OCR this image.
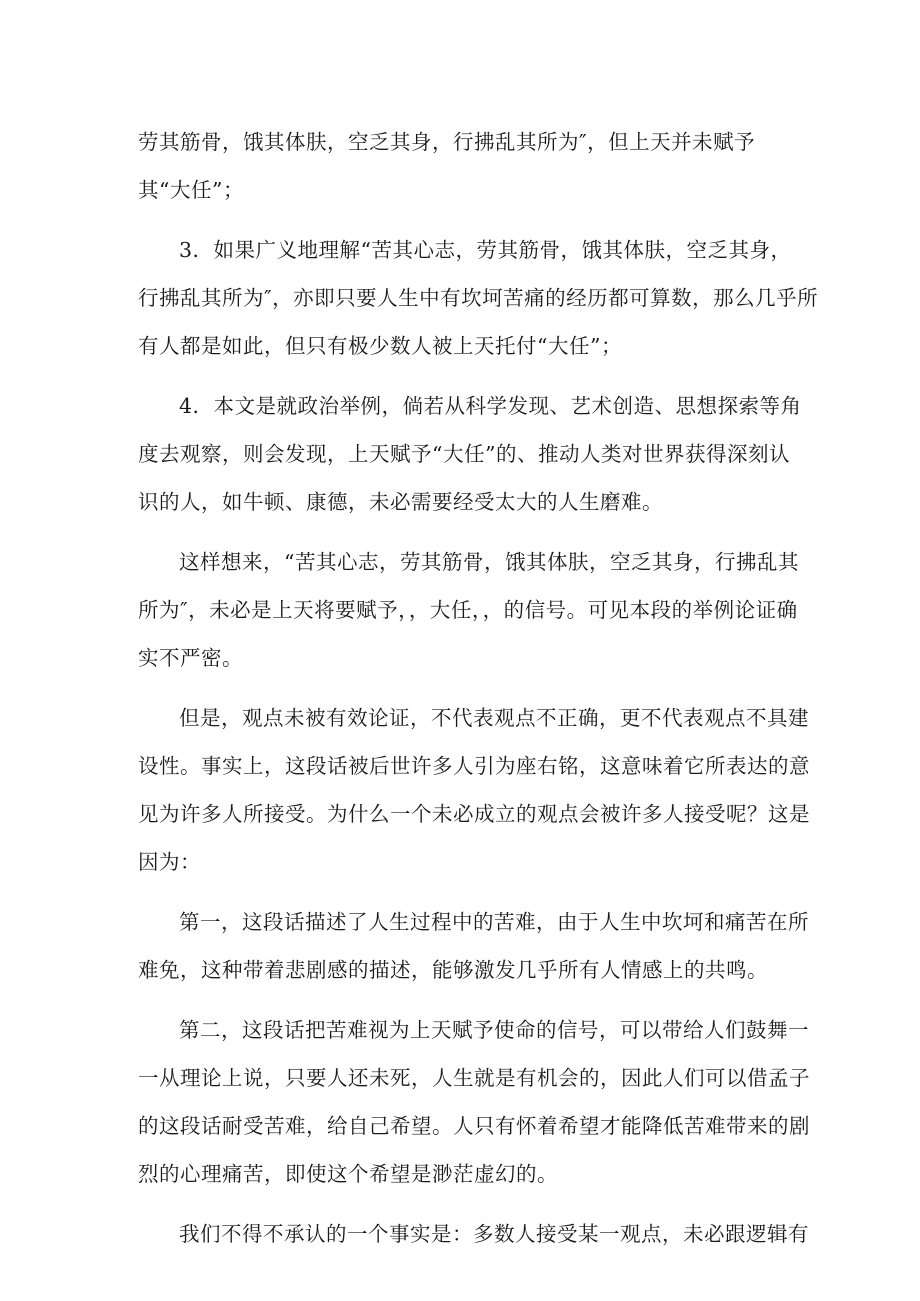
劳其筋骨，饿其体肤，空乏其身，行拂乱其所为″，但上天并未赋予
其“大任”；

3．如果广义地理解“苦其心志，劳其筋骨，饿其体肤，空乏其身，
行拂乱其所为″，亦即只要人生中有坎坷苦痛的经历都可算数，那么几乎所
有人都是如此，但只有极少数人被上天托付“大任”；

4．本文是就政治举例，倘若从科学发现、艺术创造、思想探索等角
度去观察，则会发现，上天赋予“大任”的、推动人类对世界获得深刻认
识的人，如牛顿、康德，未必需要经受太大的人生磨难。

这样想来，“苦其心志，劳其筋骨，饿其体肤，空乏其身，行拂乱其
所为″，未必是上天将要赋予，，大任，，的信号。可见本段的举例论证确
实不严密。

但是，观点未被有效论证，不代表观点不正确，更不代表观点不具建
设性。事实上，这段话被后世许多人引为座右铭，这意味着它所表达的意
见为许多人所接受。为什么一个未必成立的观点会被许多人接受呢？这是
因为：

第一，这段话描述了人生过程中的苦难，由于人生中坎坷和痛苦在所
难免，这种带着悲剧感的描述，能够激发几乎所有人情感上的共鸣。

第二，这段话把苦难视为上天赋予使命的信号，可以带给人们鼓舞一
一从理论上说，只要人还未死，人生就是有机会的，因此人们可以借孟子
的这段话耐受苦难，给自己希望。人只有怀着希望才能降低苦难带来的剧
烈的心理痛苦，即使这个希望是渺茫虚幻的。

我们不得不承认的一个事实是：多数人接受某一观点，未必跟逻辑有
